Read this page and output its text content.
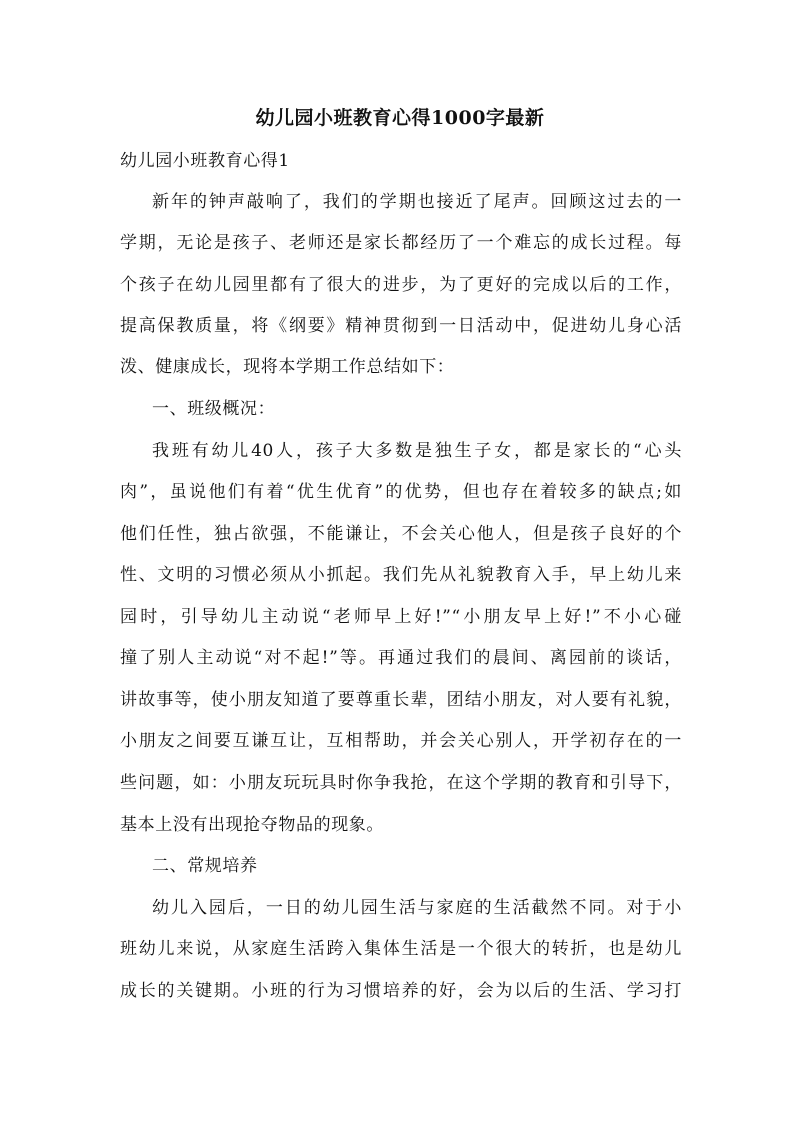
幼儿园小班教育心得1000字最新
幼儿园小班教育心得1
新年的钟声敲响了，我们的学期也接近了尾声。回顾这过去的一
学期，无论是孩子、老师还是家长都经历了一个难忘的成长过程。每
个孩子在幼儿园里都有了很大的进步，为了更好的完成以后的工作，
提高保教质量，将《纲要》精神贯彻到一日活动中，促进幼儿身心活
泼、健康成长，现将本学期工作总结如下：
一、班级概况：
我班有幼儿40人，孩子大多数是独生子女，都是家长的“心头
肉”，虽说他们有着“优生优育”的优势，但也存在着较多的缺点;如
他们任性，独占欲强，不能谦让，不会关心他人，但是孩子良好的个
性、文明的习惯必须从小抓起。我们先从礼貌教育入手，早上幼儿来
园时，引导幼儿主动说“老师早上好!”“小朋友早上好!”不小心碰
撞了别人主动说“对不起!”等。再通过我们的晨间、离园前的谈话，
讲故事等，使小朋友知道了要尊重长辈，团结小朋友，对人要有礼貌，
小朋友之间要互谦互让，互相帮助，并会关心别人，开学初存在的一
些问题，如：小朋友玩玩具时你争我抢，在这个学期的教育和引导下，
基本上没有出现抢夺物品的现象。
二、常规培养
幼儿入园后，一日的幼儿园生活与家庭的生活截然不同。对于小
班幼儿来说，从家庭生活跨入集体生活是一个很大的转折，也是幼儿
成长的关键期。小班的行为习惯培养的好，会为以后的生活、学习打
